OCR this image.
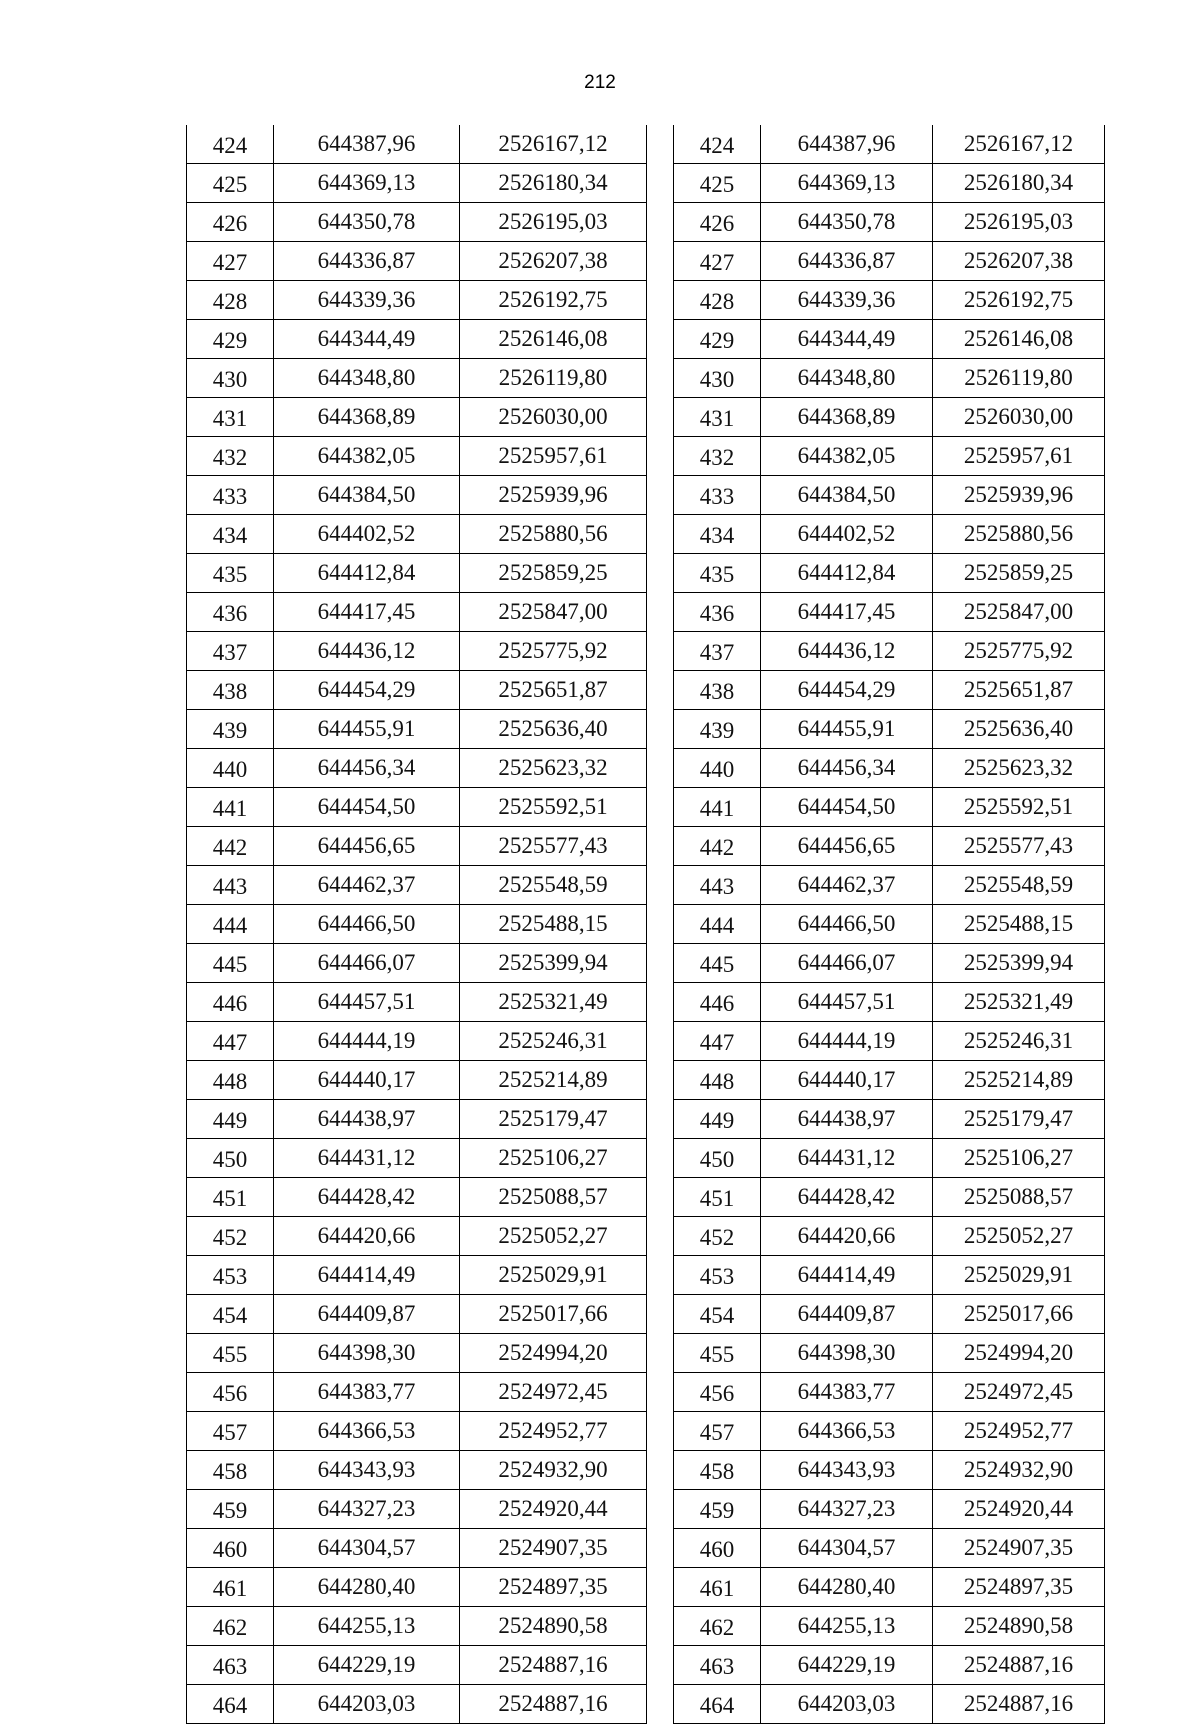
212
424	644387,96	2526167,12
425	644369,13	2526180,34
426	644350,78	2526195,03
427	644336,87	2526207,38
428	644339,36	2526192,75
429	644344,49	2526146,08
430	644348,80	2526119,80
431	644368,89	2526030,00
432	644382,05	2525957,61
433	644384,50	2525939,96
434	644402,52	2525880,56
435	644412,84	2525859,25
436	644417,45	2525847,00
437	644436,12	2525775,92
438	644454,29	2525651,87
439	644455,91	2525636,40
440	644456,34	2525623,32
441	644454,50	2525592,51
442	644456,65	2525577,43
443	644462,37	2525548,59
444	644466,50	2525488,15
445	644466,07	2525399,94
446	644457,51	2525321,49
447	644444,19	2525246,31
448	644440,17	2525214,89
449	644438,97	2525179,47
450	644431,12	2525106,27
451	644428,42	2525088,57
452	644420,66	2525052,27
453	644414,49	2525029,91
454	644409,87	2525017,66
455	644398,30	2524994,20
456	644383,77	2524972,45
457	644366,53	2524952,77
458	644343,93	2524932,90
459	644327,23	2524920,44
460	644304,57	2524907,35
461	644280,40	2524897,35
462	644255,13	2524890,58
463	644229,19	2524887,16
464	644203,03	2524887,16
424	644387,96	2526167,12
425	644369,13	2526180,34
426	644350,78	2526195,03
427	644336,87	2526207,38
428	644339,36	2526192,75
429	644344,49	2526146,08
430	644348,80	2526119,80
431	644368,89	2526030,00
432	644382,05	2525957,61
433	644384,50	2525939,96
434	644402,52	2525880,56
435	644412,84	2525859,25
436	644417,45	2525847,00
437	644436,12	2525775,92
438	644454,29	2525651,87
439	644455,91	2525636,40
440	644456,34	2525623,32
441	644454,50	2525592,51
442	644456,65	2525577,43
443	644462,37	2525548,59
444	644466,50	2525488,15
445	644466,07	2525399,94
446	644457,51	2525321,49
447	644444,19	2525246,31
448	644440,17	2525214,89
449	644438,97	2525179,47
450	644431,12	2525106,27
451	644428,42	2525088,57
452	644420,66	2525052,27
453	644414,49	2525029,91
454	644409,87	2525017,66
455	644398,30	2524994,20
456	644383,77	2524972,45
457	644366,53	2524952,77
458	644343,93	2524932,90
459	644327,23	2524920,44
460	644304,57	2524907,35
461	644280,40	2524897,35
462	644255,13	2524890,58
463	644229,19	2524887,16
464	644203,03	2524887,16
